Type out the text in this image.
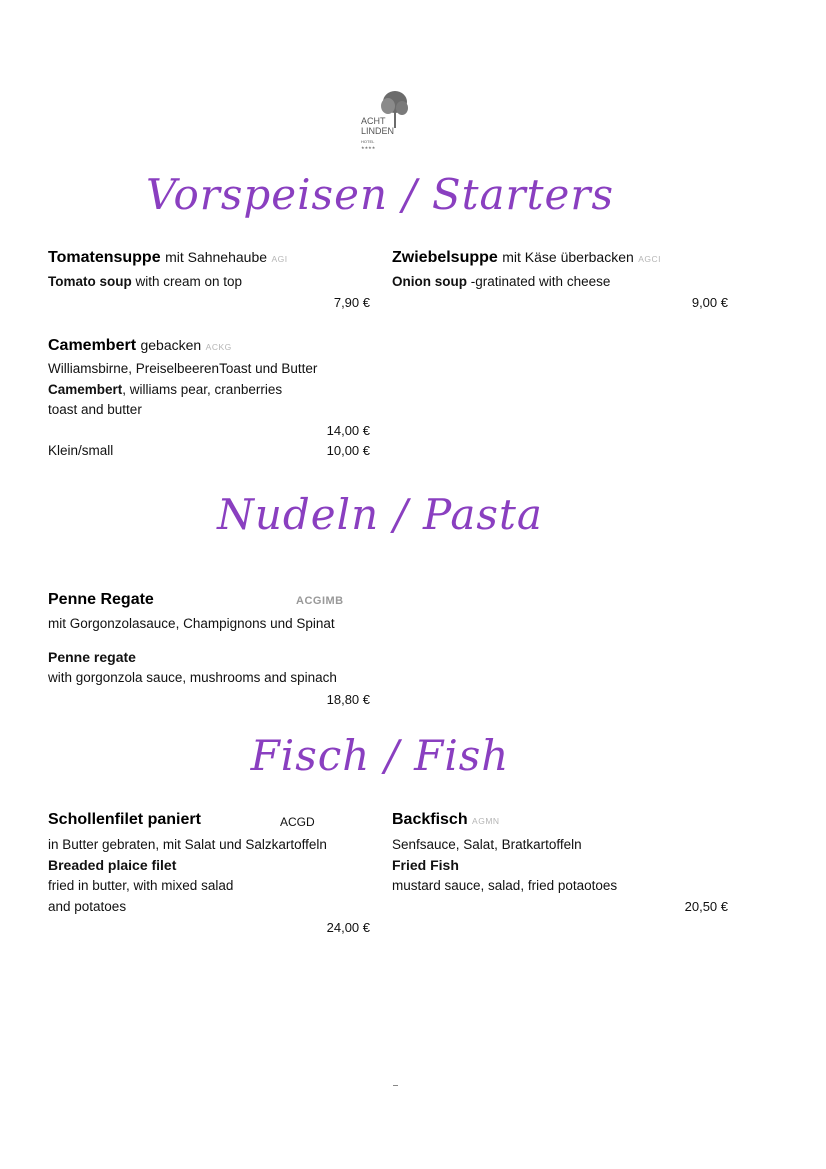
ACHT
LINDEN
HOTEL
★★★★
Vorspeisen / Starters
Tomatensuppe mit Sahnehaube AGI
Tomato soup with cream on top
7,90 €
Zwiebelsuppe mit Käse überbacken AGCI
Onion soup -gratinated with cheese
9,00 €
Camembert gebacken ACKG
Williamsbirne, PreiselbeerenToast und Butter
Camembert, williams pear, cranberries
toast and butter
14,00 €
Klein/small	10,00 €
Nudeln / Pasta
Penne Regate	ACGIMB
mit Gorgonzolasauce, Champignons und Spinat
Penne regate
with gorgonzola sauce, mushrooms and spinach
18,80 €
Fisch / Fish
Schollenfilet paniert	ACGD
in Butter gebraten, mit Salat und Salzkartoffeln
Breaded plaice filet
fried in butter, with mixed salad
and potatoes
24,00 €
Backfisch AGMN
Senfsauce, Salat, Bratkartoffeln
Fried Fish
mustard sauce, salad, fried potaotoes
20,50 €
